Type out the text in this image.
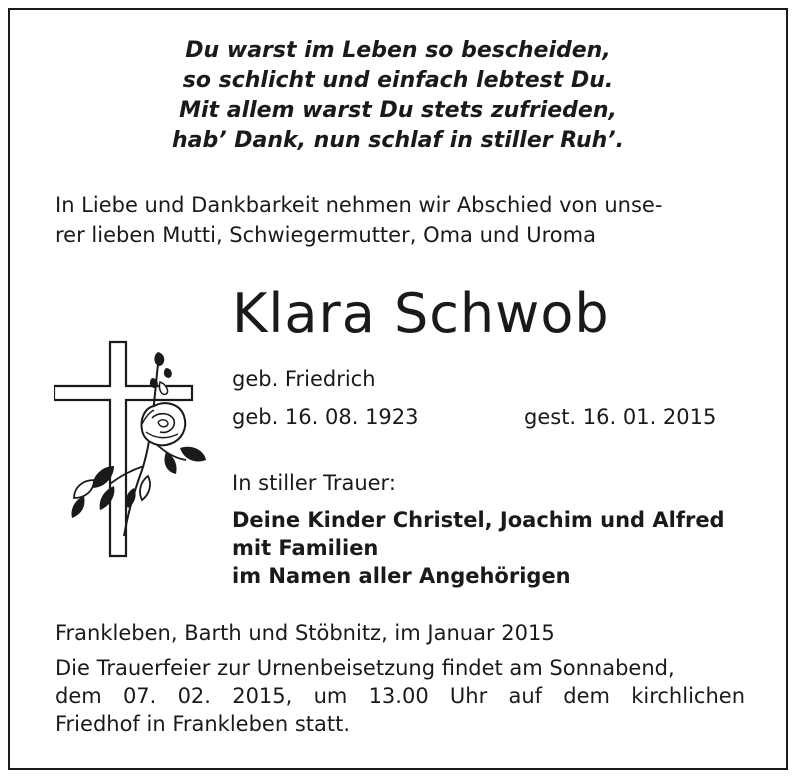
Du warst im Leben so bescheiden,
so schlicht und einfach lebtest Du.
Mit allem warst Du stets zufrieden,
hab’ Dank, nun schlaf in stiller Ruh’.
In Liebe und Dankbarkeit nehmen wir Abschied von unse-
rer lieben Mutti, Schwiegermutter, Oma und Uroma
Klara Schwob
geb. Friedrich
geb. 16. 08. 1923	gest. 16. 01. 2015
In stiller Trauer:
Deine Kinder Christel, Joachim und Alfred
mit Familien
im Namen aller Angehörigen
Frankleben, Barth und Stöbnitz, im Januar 2015
Die Trauerfeier zur Urnenbeisetzung findet am Sonnabend,
dem 07. 02. 2015, um 13.00 Uhr auf dem kirchlichen
Friedhof in Frankleben statt.
